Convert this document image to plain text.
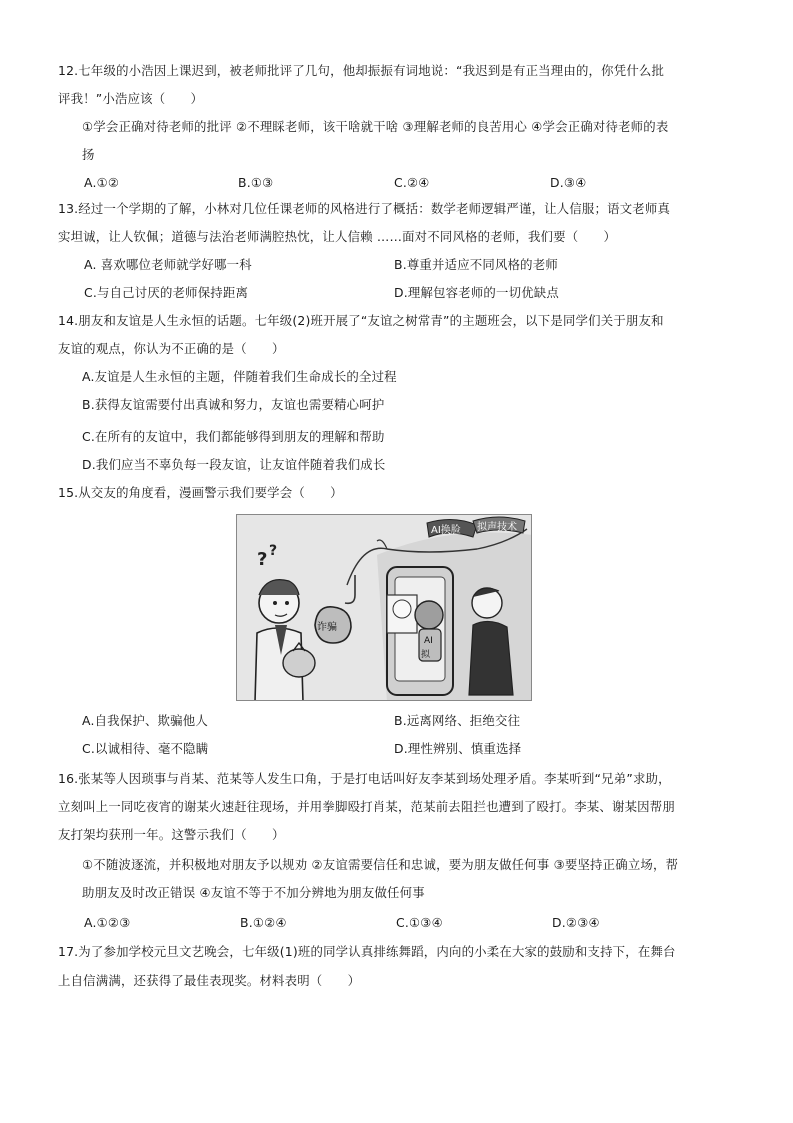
12.七年级的小浩因上课迟到，被老师批评了几句，他却振振有词地说：“我迟到是有正当理由的，你凭什么批
评我！”小浩应该（　　）
①学会正确对待老师的批评 ②不理睬老师，该干啥就干啥 ③理解老师的良苦用心 ④学会正确对待老师的表
扬
A.①②	B.①③	C.②④	D.③④
13.经过一个学期的了解，小林对几位任课老师的风格进行了概括：数学老师逻辑严谨，让人信服；语文老师真
实坦诚，让人钦佩；道德与法治老师满腔热忱，让人信赖 ……面对不同风格的老师，我们要（　　）
A. 喜欢哪位老师就学好哪一科	B.尊重并适应不同风格的老师
C.与自己讨厌的老师保持距离	D.理解包容老师的一切优缺点
14.朋友和友谊是人生永恒的话题。七年级(2)班开展了“友谊之树常青”的主题班会，以下是同学们关于朋友和
友谊的观点，你认为不正确的是（　　）
A.友谊是人生永恒的主题，伴随着我们生命成长的全过程
B.获得友谊需要付出真诚和努力，友谊也需要精心呵护
C.在所有的友谊中，我们都能够得到朋友的理解和帮助
D.我们应当不辜负每一段友谊，让友谊伴随着我们成长
15.从交友的角度看，漫画警示我们要学会（　　）
? ?
诈骗
AI
拟
AI换脸 拟声技术
A.自我保护、欺骗他人	B.远离网络、拒绝交往
C.以诚相待、毫不隐瞒	D.理性辨别、慎重选择
16.张某等人因琐事与肖某、范某等人发生口角，于是打电话叫好友李某到场处理矛盾。李某听到“兄弟”求助，
立刻叫上一同吃夜宵的谢某火速赶往现场，并用拳脚殴打肖某，范某前去阻拦也遭到了殴打。李某、谢某因帮朋
友打架均获刑一年。这警示我们（　　）
①不随波逐流，并积极地对朋友予以规劝 ②友谊需要信任和忠诚，要为朋友做任何事 ③要坚持正确立场，帮
助朋友及时改正错误 ④友谊不等于不加分辨地为朋友做任何事
A.①②③	B.①②④	C.①③④	D.②③④
17.为了参加学校元旦文艺晚会，七年级(1)班的同学认真排练舞蹈，内向的小柔在大家的鼓励和支持下，在舞台
上自信满满，还获得了最佳表现奖。材料表明（　　）
